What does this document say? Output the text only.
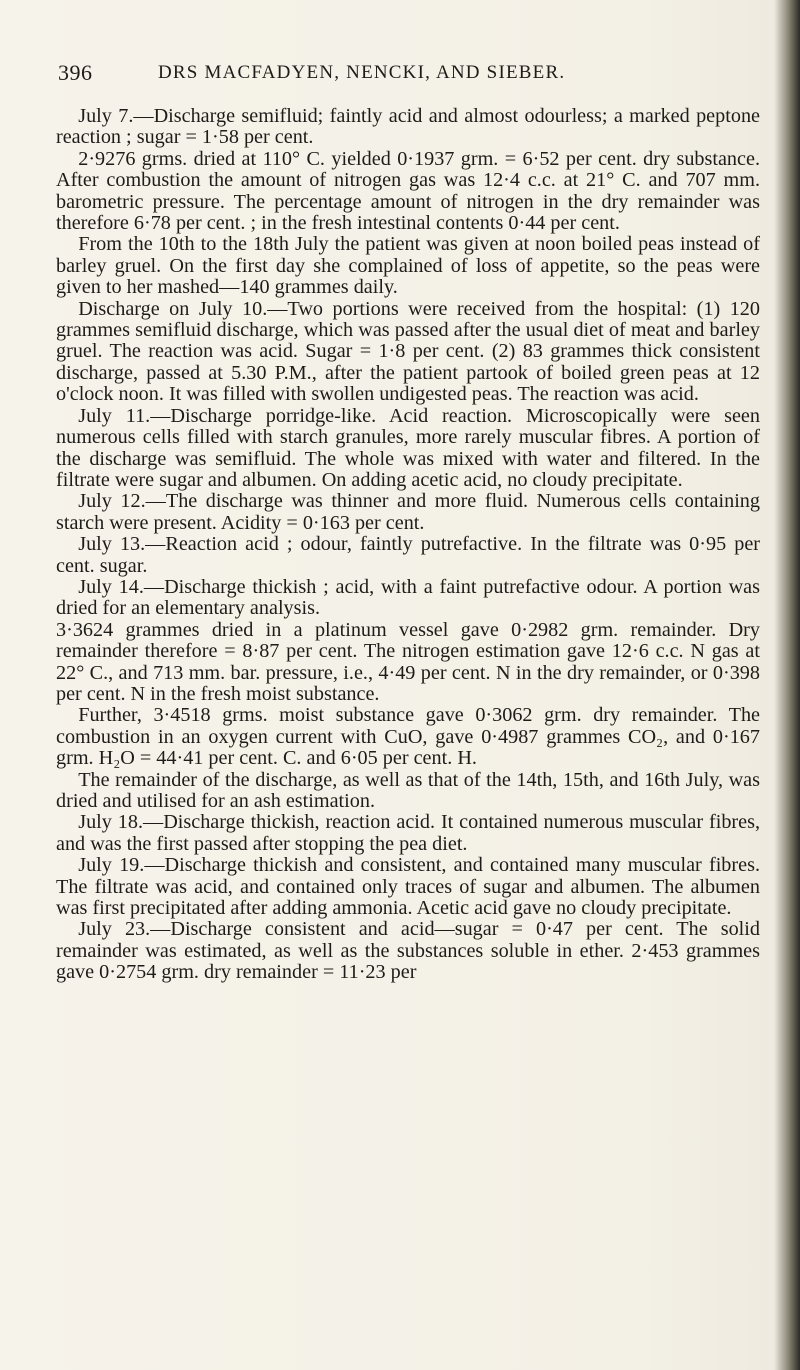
396	DRS MACFADYEN, NENCKI, AND SIEBER.

July 7.—Discharge semifluid; faintly acid and almost odourless; a marked peptone reaction ; sugar = 1·58 per cent.

2·9276 grms. dried at 110° C. yielded 0·1937 grm. = 6·52 per cent. dry substance. After combustion the amount of nitrogen gas was 12·4 c.c. at 21° C. and 707 mm. barometric pressure. The percentage amount of nitrogen in the dry remainder was therefore 6·78 per cent. ; in the fresh intestinal contents 0·44 per cent.

From the 10th to the 18th July the patient was given at noon boiled peas instead of barley gruel. On the first day she complained of loss of appetite, so the peas were given to her mashed—140 grammes daily.

Discharge on July 10.—Two portions were received from the hospital: (1) 120 grammes semifluid discharge, which was passed after the usual diet of meat and barley gruel. The reaction was acid. Sugar = 1·8 per cent. (2) 83 grammes thick consistent discharge, passed at 5.30 P.M., after the patient partook of boiled green peas at 12 o'clock noon. It was filled with swollen undigested peas. The reaction was acid.

July 11.—Discharge porridge-like. Acid reaction. Microscopically were seen numerous cells filled with starch granules, more rarely muscular fibres. A portion of the discharge was semifluid. The whole was mixed with water and filtered. In the filtrate were sugar and albumen. On adding acetic acid, no cloudy precipitate.

July 12.—The discharge was thinner and more fluid. Numerous cells containing starch were present. Acidity = 0·163 per cent.

July 13.—Reaction acid ; odour, faintly putrefactive. In the filtrate was 0·95 per cent. sugar.

July 14.—Discharge thickish ; acid, with a faint putrefactive odour. A portion was dried for an elementary analysis.

3·3624 grammes dried in a platinum vessel gave 0·2982 grm. remainder. Dry remainder therefore = 8·87 per cent. The nitrogen estimation gave 12·6 c.c. N gas at 22° C., and 713 mm. bar. pressure, i.e., 4·49 per cent. N in the dry remainder, or 0·398 per cent. N in the fresh moist substance.

Further, 3·4518 grms. moist substance gave 0·3062 grm. dry remainder. The combustion in an oxygen current with CuO, gave 0·4987 grammes CO₂, and 0·167 grm. H₂O = 44·41 per cent. C. and 6·05 per cent. H.

The remainder of the discharge, as well as that of the 14th, 15th, and 16th July, was dried and utilised for an ash estimation.

July 18.—Discharge thickish, reaction acid. It contained numerous muscular fibres, and was the first passed after stopping the pea diet.

July 19.—Discharge thickish and consistent, and contained many muscular fibres. The filtrate was acid, and contained only traces of sugar and albumen. The albumen was first precipitated after adding ammonia. Acetic acid gave no cloudy precipitate.

July 23.—Discharge consistent and acid—sugar = 0·47 per cent. The solid remainder was estimated, as well as the substances soluble in ether. 2·453 grammes gave 0·2754 grm. dry remainder = 11·23 per
